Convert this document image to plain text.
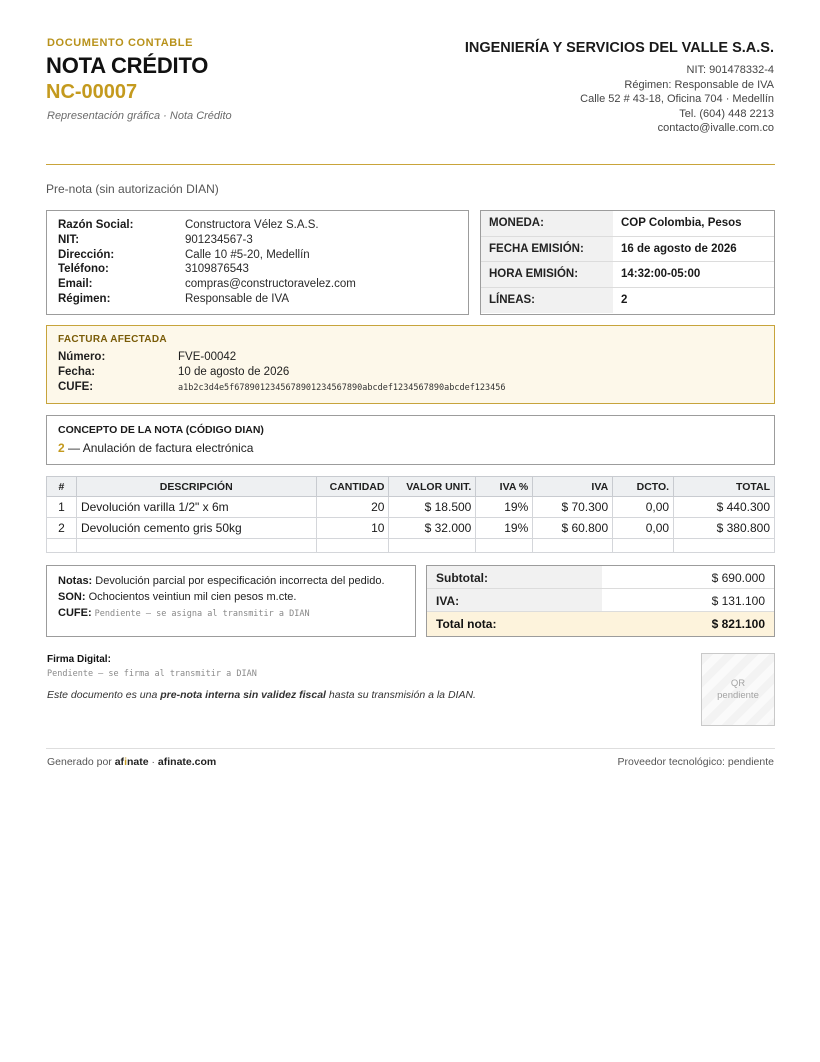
DOCUMENTO CONTABLE
NOTA CRÉDITO
NC-00007
Representación gráfica · Nota Crédito
INGENIERÍA Y SERVICIOS DEL VALLE S.A.S.
NIT: 901478332-4
Régimen: Responsable de IVA
Calle 52 # 43-18, Oficina 704 · Medellín
Tel. (604) 448 2213
contacto@ivalle.com.co
Pre-nota (sin autorización DIAN)
Razón Social:	Constructora Vélez S.A.S.
NIT:	901234567-3
Dirección:	Calle 10 #5-20, Medellín
Teléfono:	3109876543
Email:	compras@constructoravelez.com
Régimen:	Responsable de IVA
MONEDA:	COP Colombia, Pesos
FECHA EMISIÓN:	16 de agosto de 2026
HORA EMISIÓN:	14:32:00-05:00
LÍNEAS:	2
FACTURA AFECTADA
Número:	FVE-00042
Fecha:	10 de agosto de 2026
CUFE:	a1b2c3d4e5f6789012345678901234567890abcdef1234567890abcdef123456
CONCEPTO DE LA NOTA (CÓDIGO DIAN)
2 — Anulación de factura electrónica
#	DESCRIPCIÓN	CANTIDAD	VALOR UNIT.	IVA %	IVA	DCTO.	TOTAL
1	Devolución varilla 1/2" x 6m	20	$ 18.500	19%	$ 70.300	0,00	$ 440.300
2	Devolución cemento gris 50kg	10	$ 32.000	19%	$ 60.800	0,00	$ 380.800

Notas: Devolución parcial por especificación incorrecta del pedido.
SON: Ochocientos veintiun mil cien pesos m.cte.
CUFE: Pendiente — se asigna al transmitir a DIAN
Subtotal:	$ 690.000
IVA:	$ 131.100
Total nota:	$ 821.100
Firma Digital:
Pendiente — se firma al transmitir a DIAN
Este documento es una pre-nota interna sin validez fiscal hasta su transmisión a la DIAN.
QR
pendiente
Generado por afinate · afinate.com	Proveedor tecnológico: pendiente
